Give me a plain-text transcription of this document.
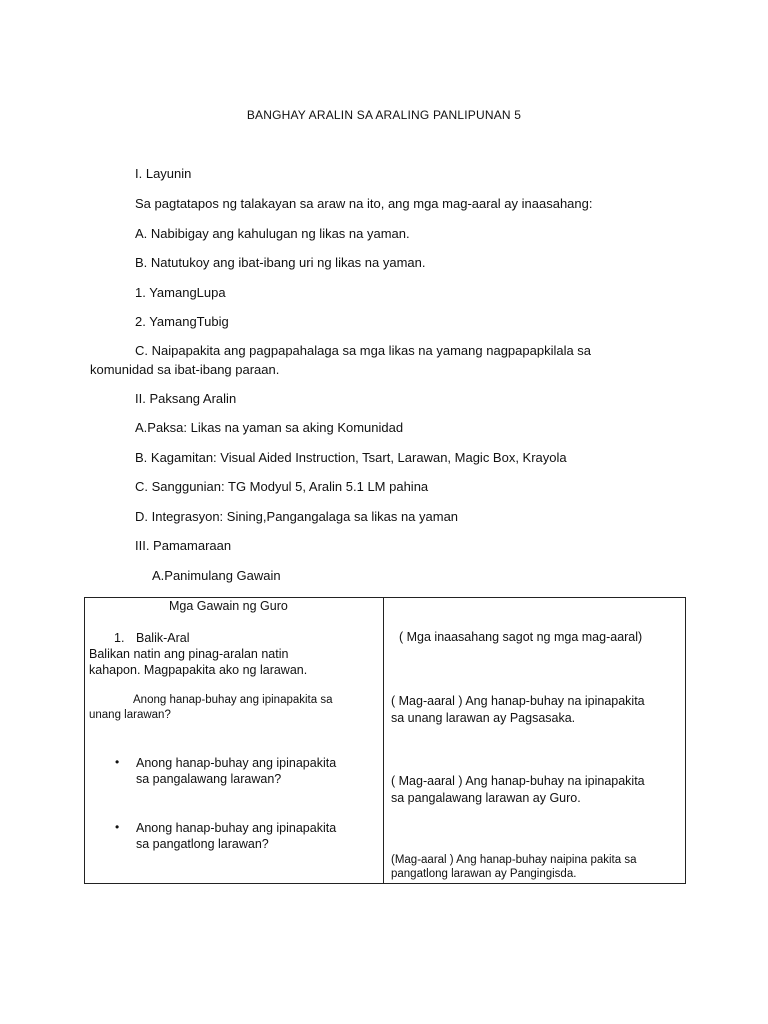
BANGHAY ARALIN SA ARALING PANLIPUNAN 5
I. Layunin
Sa pagtatapos ng talakayan sa araw na ito, ang mga mag-aaral ay inaasahang:
A. Nabibigay ang kahulugan ng likas na yaman.
B. Natutukoy ang ibat-ibang uri ng likas na yaman.
1. YamangLupa
2. YamangTubig
C. Naipapakita ang pagpapahalaga sa mga likas na yamang nagpapapkilala sa
komunidad sa ibat-ibang paraan.
II. Paksang Aralin
A.Paksa: Likas na yaman sa aking Komunidad
B. Kagamitan: Visual Aided Instruction, Tsart, Larawan, Magic Box, Krayola
C. Sanggunian: TG Modyul 5, Aralin 5.1 LM pahina
D. Integrasyon: Sining,Pangangalaga sa likas na yaman
III. Pamamaraan
A.Panimulang Gawain
Mga Gawain ng Guro
1. Balik-Aral
Balikan natin ang pinag-aralan natin
kahapon. Magpapakita ako ng larawan.
Anong hanap-buhay ang ipinapakita sa
unang larawan?
• Anong hanap-buhay ang ipinapakita
sa pangalawang larawan?
• Anong hanap-buhay ang ipinapakita
sa pangatlong larawan?
( Mga inaasahang sagot ng mga mag-aaral)
( Mag-aaral ) Ang hanap-buhay na ipinapakita
sa unang larawan ay Pagsasaka.
( Mag-aaral ) Ang hanap-buhay na ipinapakita
sa pangalawang larawan ay Guro.
(Mag-aaral ) Ang hanap-buhay naipina pakita sa
pangatlong larawan ay Pangingisda.
